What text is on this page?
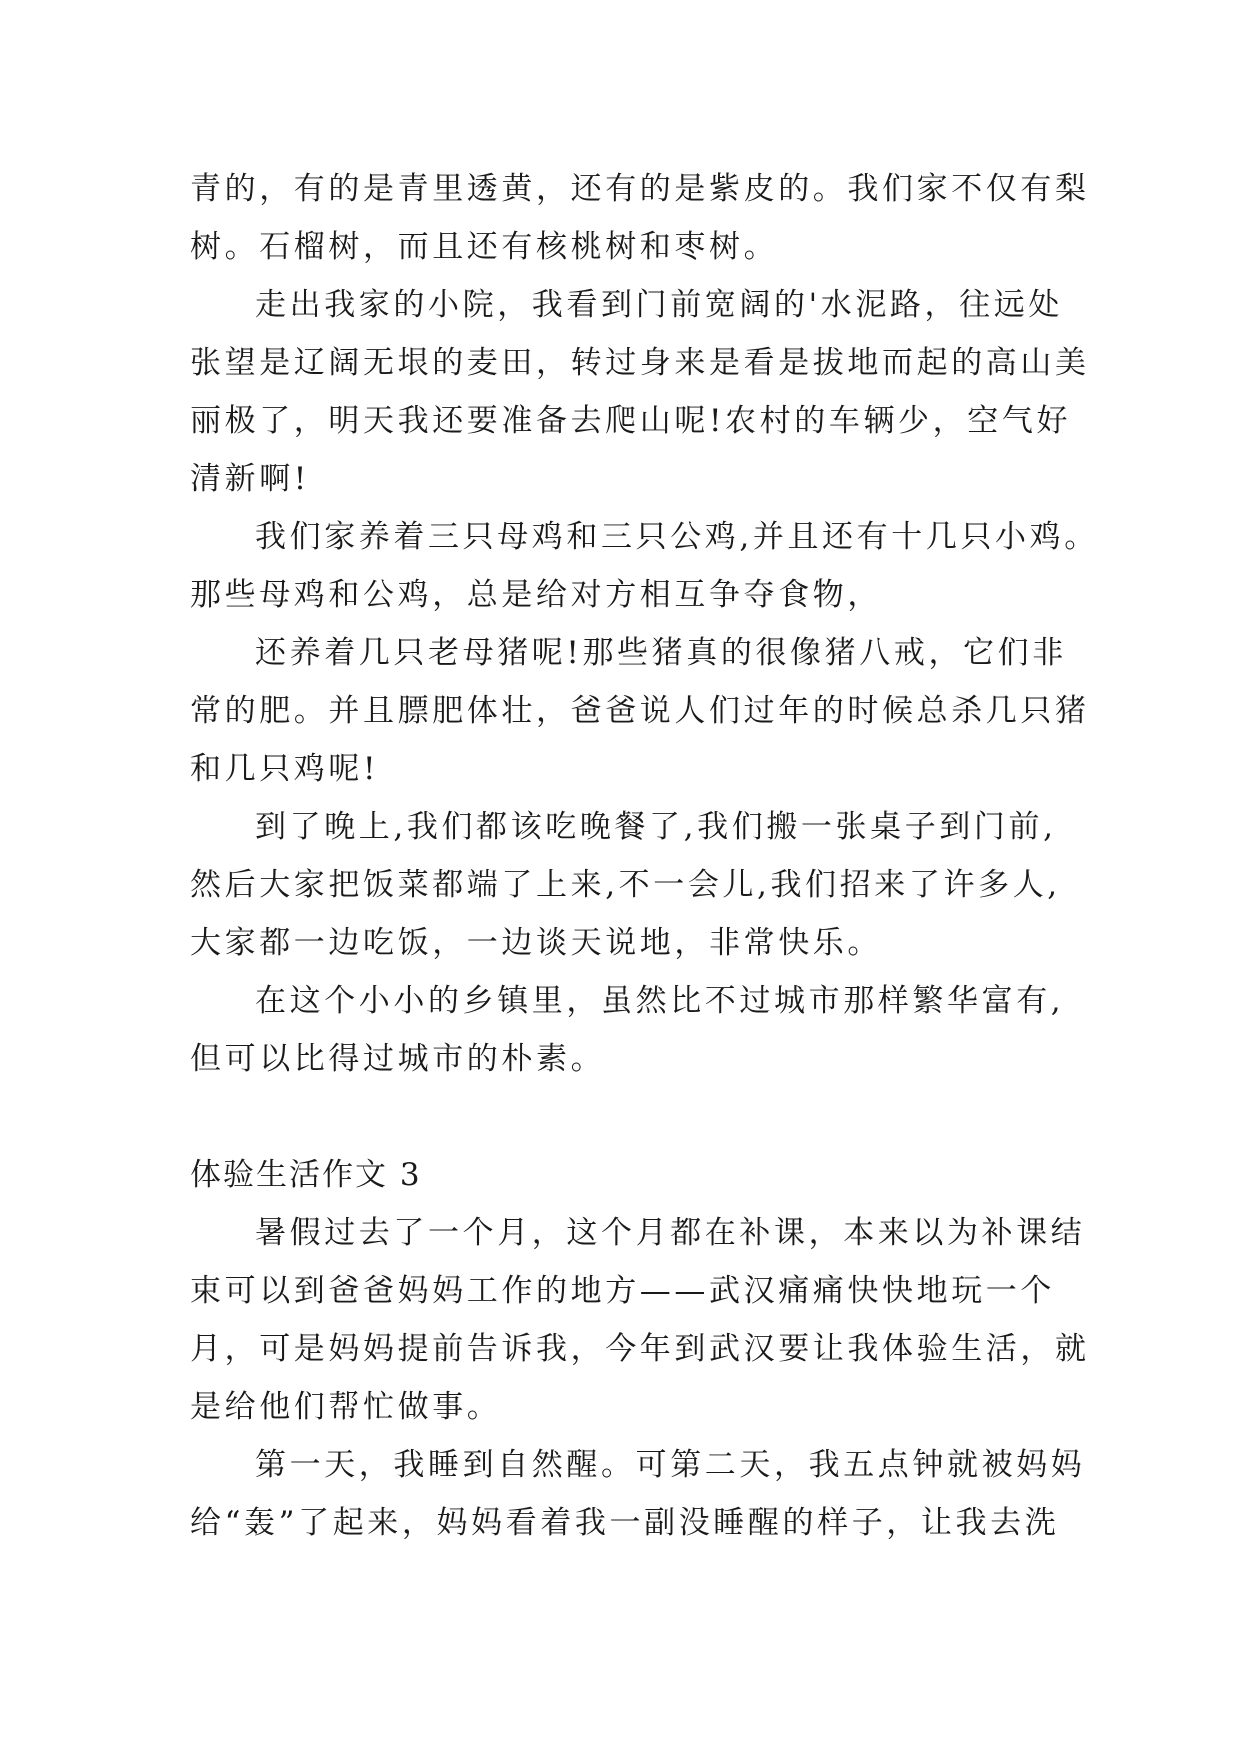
青的，有的是青里透黄，还有的是紫皮的。我们家不仅有梨
树。石榴树，而且还有核桃树和枣树。
走出我家的小院，我看到门前宽阔的'水泥路，往远处
张望是辽阔无垠的麦田，转过身来是看是拔地而起的高山美
丽极了，明天我还要准备去爬山呢!农村的车辆少，空气好
清新啊!
我们家养着三只母鸡和三只公鸡,并且还有十几只小鸡。
那些母鸡和公鸡，总是给对方相互争夺食物，
还养着几只老母猪呢!那些猪真的很像猪八戒，它们非
常的肥。并且膘肥体壮，爸爸说人们过年的时候总杀几只猪
和几只鸡呢!
到了晚上,我们都该吃晚餐了,我们搬一张桌子到门前,
然后大家把饭菜都端了上来,不一会儿,我们招来了许多人,
大家都一边吃饭，一边谈天说地，非常快乐。
在这个小小的乡镇里，虽然比不过城市那样繁华富有,
但可以比得过城市的朴素。
体验生活作文 3
暑假过去了一个月，这个月都在补课，本来以为补课结
束可以到爸爸妈妈工作的地方——武汉痛痛快快地玩一个
月，可是妈妈提前告诉我，今年到武汉要让我体验生活，就
是给他们帮忙做事。
第一天，我睡到自然醒。可第二天，我五点钟就被妈妈
给“轰”了起来，妈妈看着我一副没睡醒的样子，让我去洗
